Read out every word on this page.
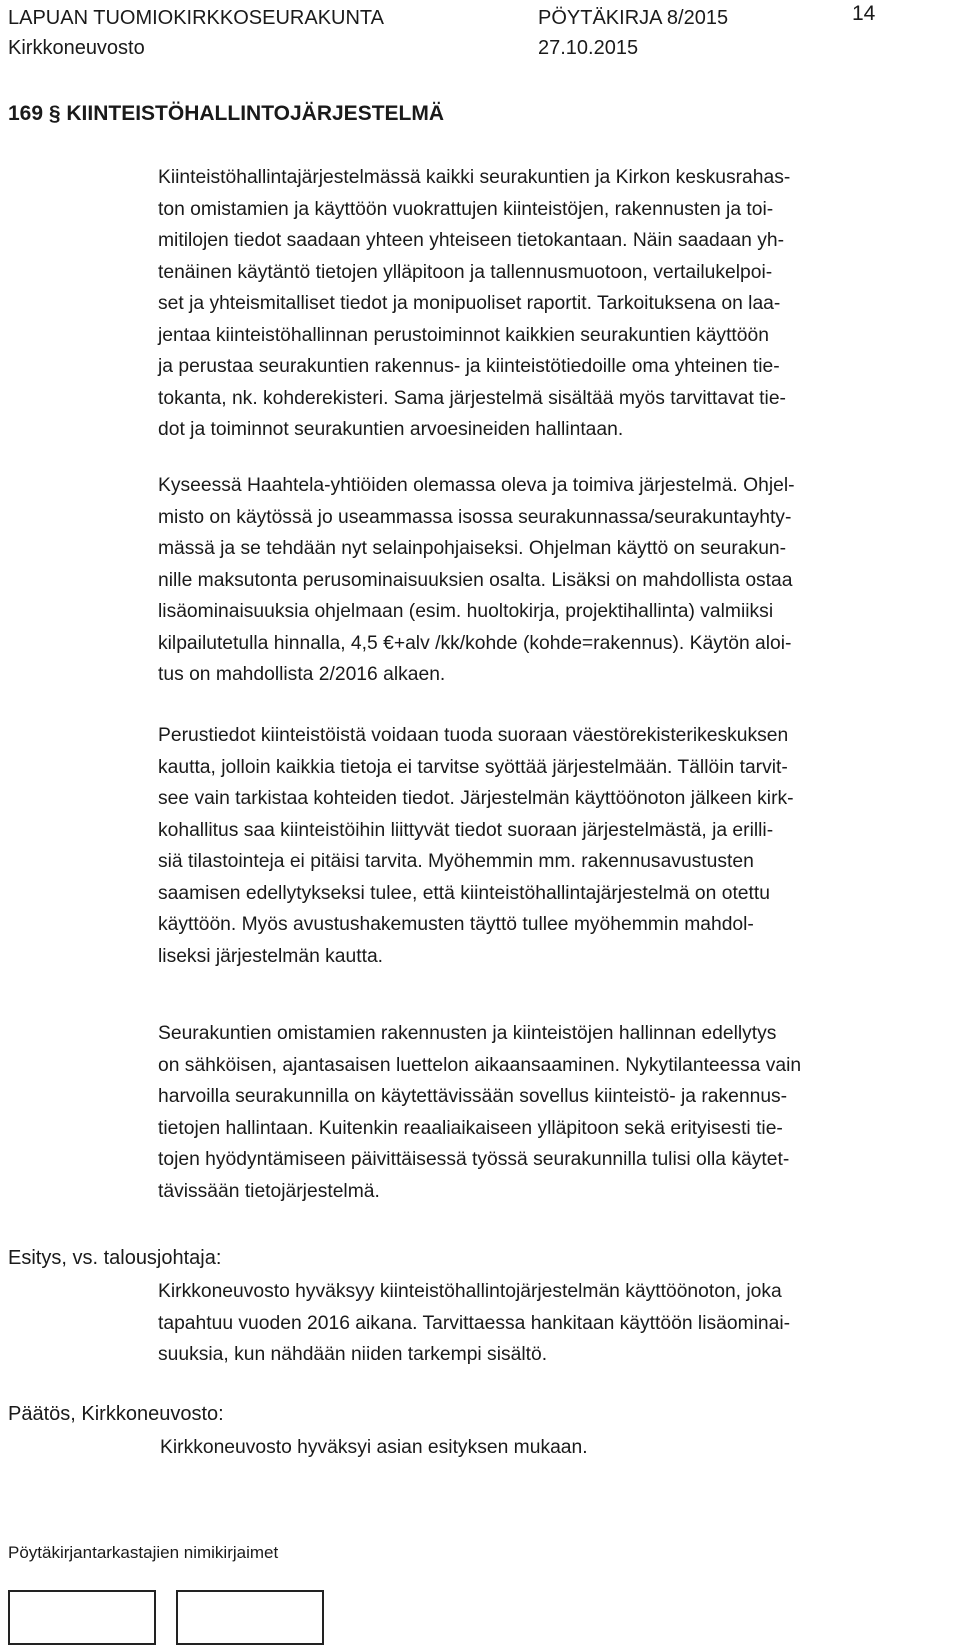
LAPUAN TUOMIOKIRKKOSEURAKUNTA
Kirkkoneuvosto
PÖYTÄKIRJA 8/2015
27.10.2015
14
169 § KIINTEISTÖHALLINTOJÄRJESTELMÄ

Kiinteistöhallintajärjestelmässä kaikki seurakuntien ja Kirkon keskusrahas-

ton omistamien ja käyttöön vuokrattujen kiinteistöjen, rakennusten ja toi-

mitilojen tiedot saadaan yhteen yhteiseen tietokantaan. Näin saadaan yh-

tenäinen käytäntö tietojen ylläpitoon ja tallennusmuotoon, vertailukelpoi-

set ja yhteismitalliset tiedot ja monipuoliset raportit. Tarkoituksena on laa-

jentaa kiinteistöhallinnan perustoiminnot kaikkien seurakuntien käyttöön

ja perustaa seurakuntien rakennus- ja kiinteistötiedoille oma yhteinen tie-

tokanta, nk. kohderekisteri. Sama järjestelmä sisältää myös tarvittavat tie-

dot ja toiminnot seurakuntien arvoesineiden hallintaan.

Kyseessä Haahtela-yhtiöiden olemassa oleva ja toimiva järjestelmä. Ohjel-

misto on käytössä jo useammassa isossa seurakunnassa/seurakuntayhty-

mässä ja se tehdään nyt selainpohjaiseksi. Ohjelman käyttö on seurakun-

nille maksutonta perusominaisuuksien osalta. Lisäksi on mahdollista ostaa

lisäominaisuuksia ohjelmaan (esim. huoltokirja, projektihallinta) valmiiksi

kilpailutetulla hinnalla, 4,5 €+alv /kk/kohde (kohde=rakennus). Käytön aloi-

tus on mahdollista 2/2016 alkaen.

Perustiedot kiinteistöistä voidaan tuoda suoraan väestörekisterikeskuksen

kautta, jolloin kaikkia tietoja ei tarvitse syöttää järjestelmään. Tällöin tarvit-

see vain tarkistaa kohteiden tiedot. Järjestelmän käyttöönoton jälkeen kirk-

kohallitus saa kiinteistöihin liittyvät tiedot suoraan järjestelmästä, ja erilli-

siä tilastointeja ei pitäisi tarvita. Myöhemmin mm. rakennusavustusten

saamisen edellytykseksi tulee, että kiinteistöhallintajärjestelmä on otettu

käyttöön. Myös avustushakemusten täyttö tullee myöhemmin mahdol-

liseksi järjestelmän kautta.

Seurakuntien omistamien rakennusten ja kiinteistöjen hallinnan edellytys

on sähköisen, ajantasaisen luettelon aikaansaaminen. Nykytilanteessa vain

harvoilla seurakunnilla on käytettävissään sovellus kiinteistö- ja rakennus-

tietojen hallintaan. Kuitenkin reaaliaikaiseen ylläpitoon sekä erityisesti tie-

tojen hyödyntämiseen päivittäisessä työssä seurakunnilla tulisi olla käytet-

tävissään tietojärjestelmä.

Esitys, vs. talousjohtaja:

Kirkkoneuvosto hyväksyy kiinteistöhallintojärjestelmän käyttöönoton, joka

tapahtuu vuoden 2016 aikana. Tarvittaessa hankitaan käyttöön lisäominai-

suuksia, kun nähdään niiden tarkempi sisältö.

Päätös, Kirkkoneuvosto:

Kirkkoneuvosto hyväksyi asian esityksen mukaan.

Pöytäkirjantarkastajien nimikirjaimet
